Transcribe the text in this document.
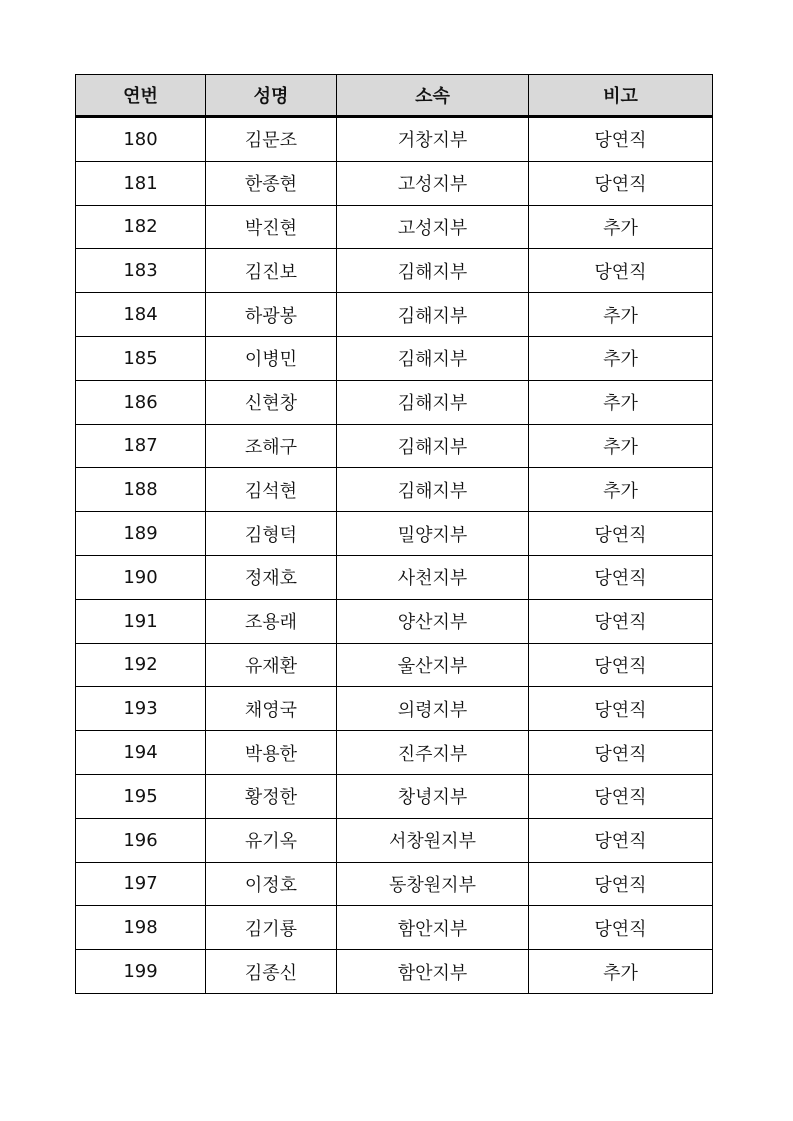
연번	성명	소속	비고
180	김문조	거창지부	당연직
181	한종현	고성지부	당연직
182	박진현	고성지부	추가
183	김진보	김해지부	당연직
184	하광봉	김해지부	추가
185	이병민	김해지부	추가
186	신현창	김해지부	추가
187	조해구	김해지부	추가
188	김석현	김해지부	추가
189	김형덕	밀양지부	당연직
190	정재호	사천지부	당연직
191	조용래	양산지부	당연직
192	유재환	울산지부	당연직
193	채영국	의령지부	당연직
194	박용한	진주지부	당연직
195	황정한	창녕지부	당연직
196	유기옥	서창원지부	당연직
197	이정호	동창원지부	당연직
198	김기룡	함안지부	당연직
199	김종신	함안지부	추가
